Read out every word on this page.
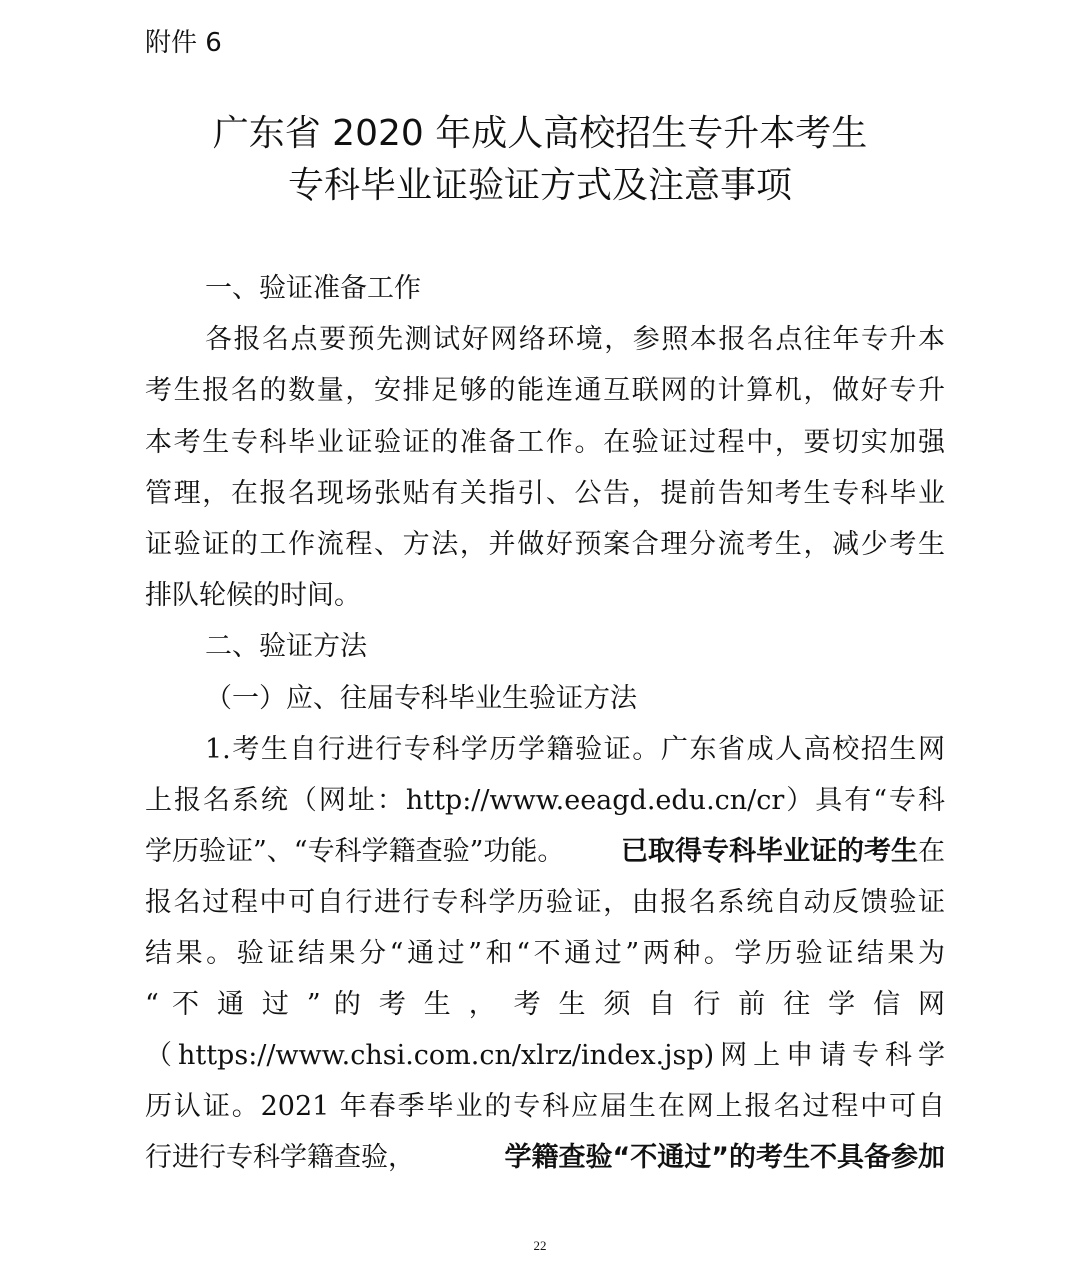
附件 6
广东省 2020 年成人高校招生专升本考生
专科毕业证验证方式及注意事项
一、验证准备工作
各报名点要预先测试好网络环境，参照本报名点往年专升本
考生报名的数量，安排足够的能连通互联网的计算机，做好专升
本考生专科毕业证验证的准备工作。在验证过程中，要切实加强
管理，在报名现场张贴有关指引、公告，提前告知考生专科毕业
证验证的工作流程、方法，并做好预案合理分流考生，减少考生
排队轮候的时间。
二、验证方法
（一）应、往届专科毕业生验证方法
1.考生自行进行专科学历学籍验证。广东省成人高校招生网
上报名系统（网址：http://www.eeagd.edu.cn/cr）具有“专科
学历验证”、“专科学籍查验”功能。 已取得专科毕业证的考生 在
报名过程中可自行进行专科学历验证，由报名系统自动反馈验证
结果。验证结果分“通过”和“不通过”两种。学历验证结果为
“ 不 通 过 ” 的 考 生 ， 考 生 须 自 行 前 往 学 信 网
（https://www.chsi.com.cn/xlrz/index.jsp)网上申请专科学
历认证。2021 年春季毕业的专科应届生在网上报名过程中可自
行进行专科学籍查验，	学籍查验“不通过”的考生不具备参加
22
